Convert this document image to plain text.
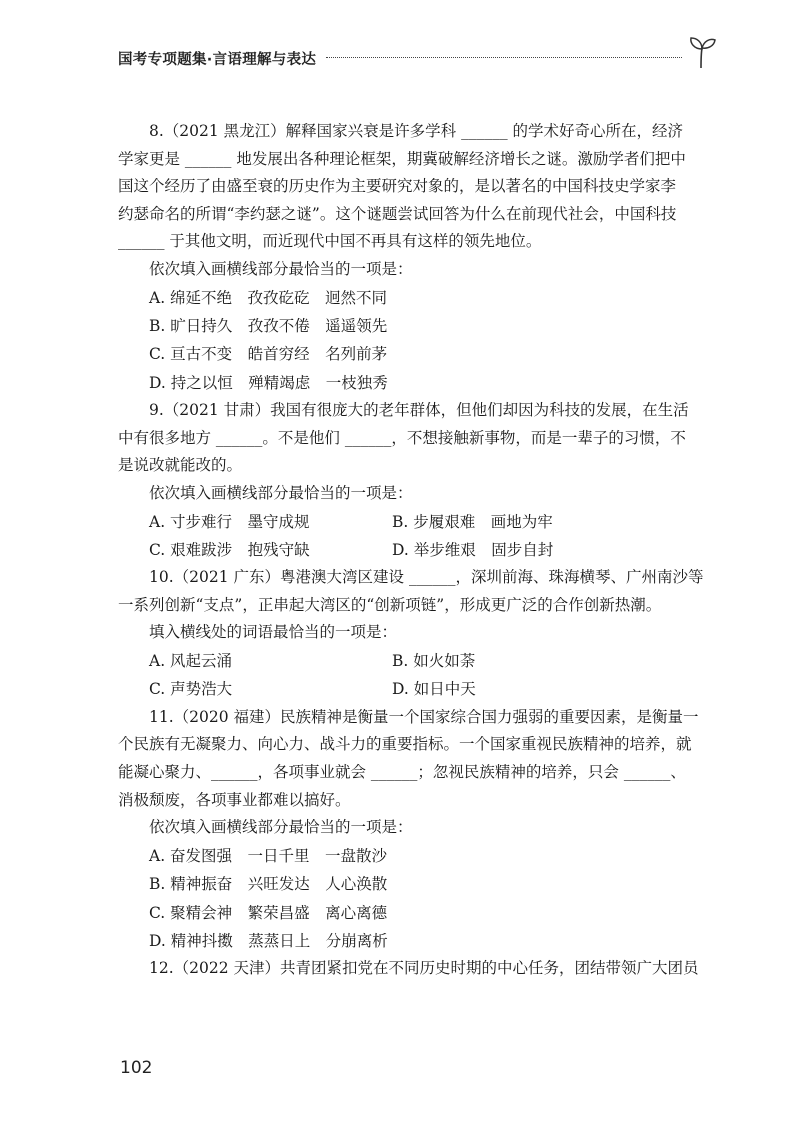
国考专项题集·言语理解与表达
8.（2021 黑龙江）解释国家兴衰是许多学科 ______ 的学术好奇心所在，经济
学家更是 ______ 地发展出各种理论框架，期冀破解经济增长之谜。激励学者们把中
国这个经历了由盛至衰的历史作为主要研究对象的，是以著名的中国科技史学家李
约瑟命名的所谓“李约瑟之谜”。这个谜题尝试回答为什么在前现代社会，中国科技
______ 于其他文明，而近现代中国不再具有这样的领先地位。
依次填入画横线部分最恰当的一项是：
A. 绵延不绝　孜孜矻矻　迥然不同
B. 旷日持久　孜孜不倦　遥遥领先
C. 亘古不变　皓首穷经　名列前茅
D. 持之以恒　殚精竭虑　一枝独秀
9.（2021 甘肃）我国有很庞大的老年群体，但他们却因为科技的发展，在生活
中有很多地方 ______。不是他们 ______，不想接触新事物，而是一辈子的习惯，不
是说改就能改的。
依次填入画横线部分最恰当的一项是：
A. 寸步难行　墨守成规	B. 步履艰难　画地为牢
C. 艰难跋涉　抱残守缺	D. 举步维艰　固步自封
10.（2021 广东）粤港澳大湾区建设 ______，深圳前海、珠海横琴、广州南沙等
一系列创新“支点”，正串起大湾区的“创新项链”，形成更广泛的合作创新热潮。
填入横线处的词语最恰当的一项是：
A. 风起云涌	B. 如火如荼
C. 声势浩大	D. 如日中天
11.（2020 福建）民族精神是衡量一个国家综合国力强弱的重要因素，是衡量一
个民族有无凝聚力、向心力、战斗力的重要指标。一个国家重视民族精神的培养，就
能凝心聚力、______，各项事业就会 ______；忽视民族精神的培养，只会 ______、
消极颓废，各项事业都难以搞好。
依次填入画横线部分最恰当的一项是：
A. 奋发图强　一日千里　一盘散沙
B. 精神振奋　兴旺发达　人心涣散
C. 聚精会神　繁荣昌盛　离心离德
D. 精神抖擞　蒸蒸日上　分崩离析
12.（2022 天津）共青团紧扣党在不同历史时期的中心任务，团结带领广大团员
102
